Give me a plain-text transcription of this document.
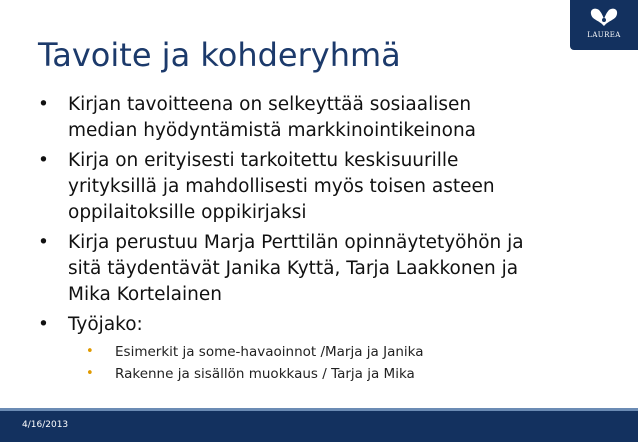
LAUREA
Tavoite ja kohderyhmä
•	Kirjan tavoitteena on selkeyttää sosiaalisen
median hyödyntämistä markkinointikeinona
•	Kirja on erityisesti tarkoitettu keskisuurille
yrityksillä ja mahdollisesti myös toisen asteen
oppilaitoksille oppikirjaksi
•	Kirja perustuu Marja Perttilän opinnäytetyöhön ja
sitä täydentävät Janika Kyttä, Tarja Laakkonen ja
Mika Kortelainen
•	Työjako:
• Esimerkit ja some-havaoinnot /Marja ja Janika
• Rakenne ja sisällön muokkaus / Tarja ja Mika
4/16/2013
